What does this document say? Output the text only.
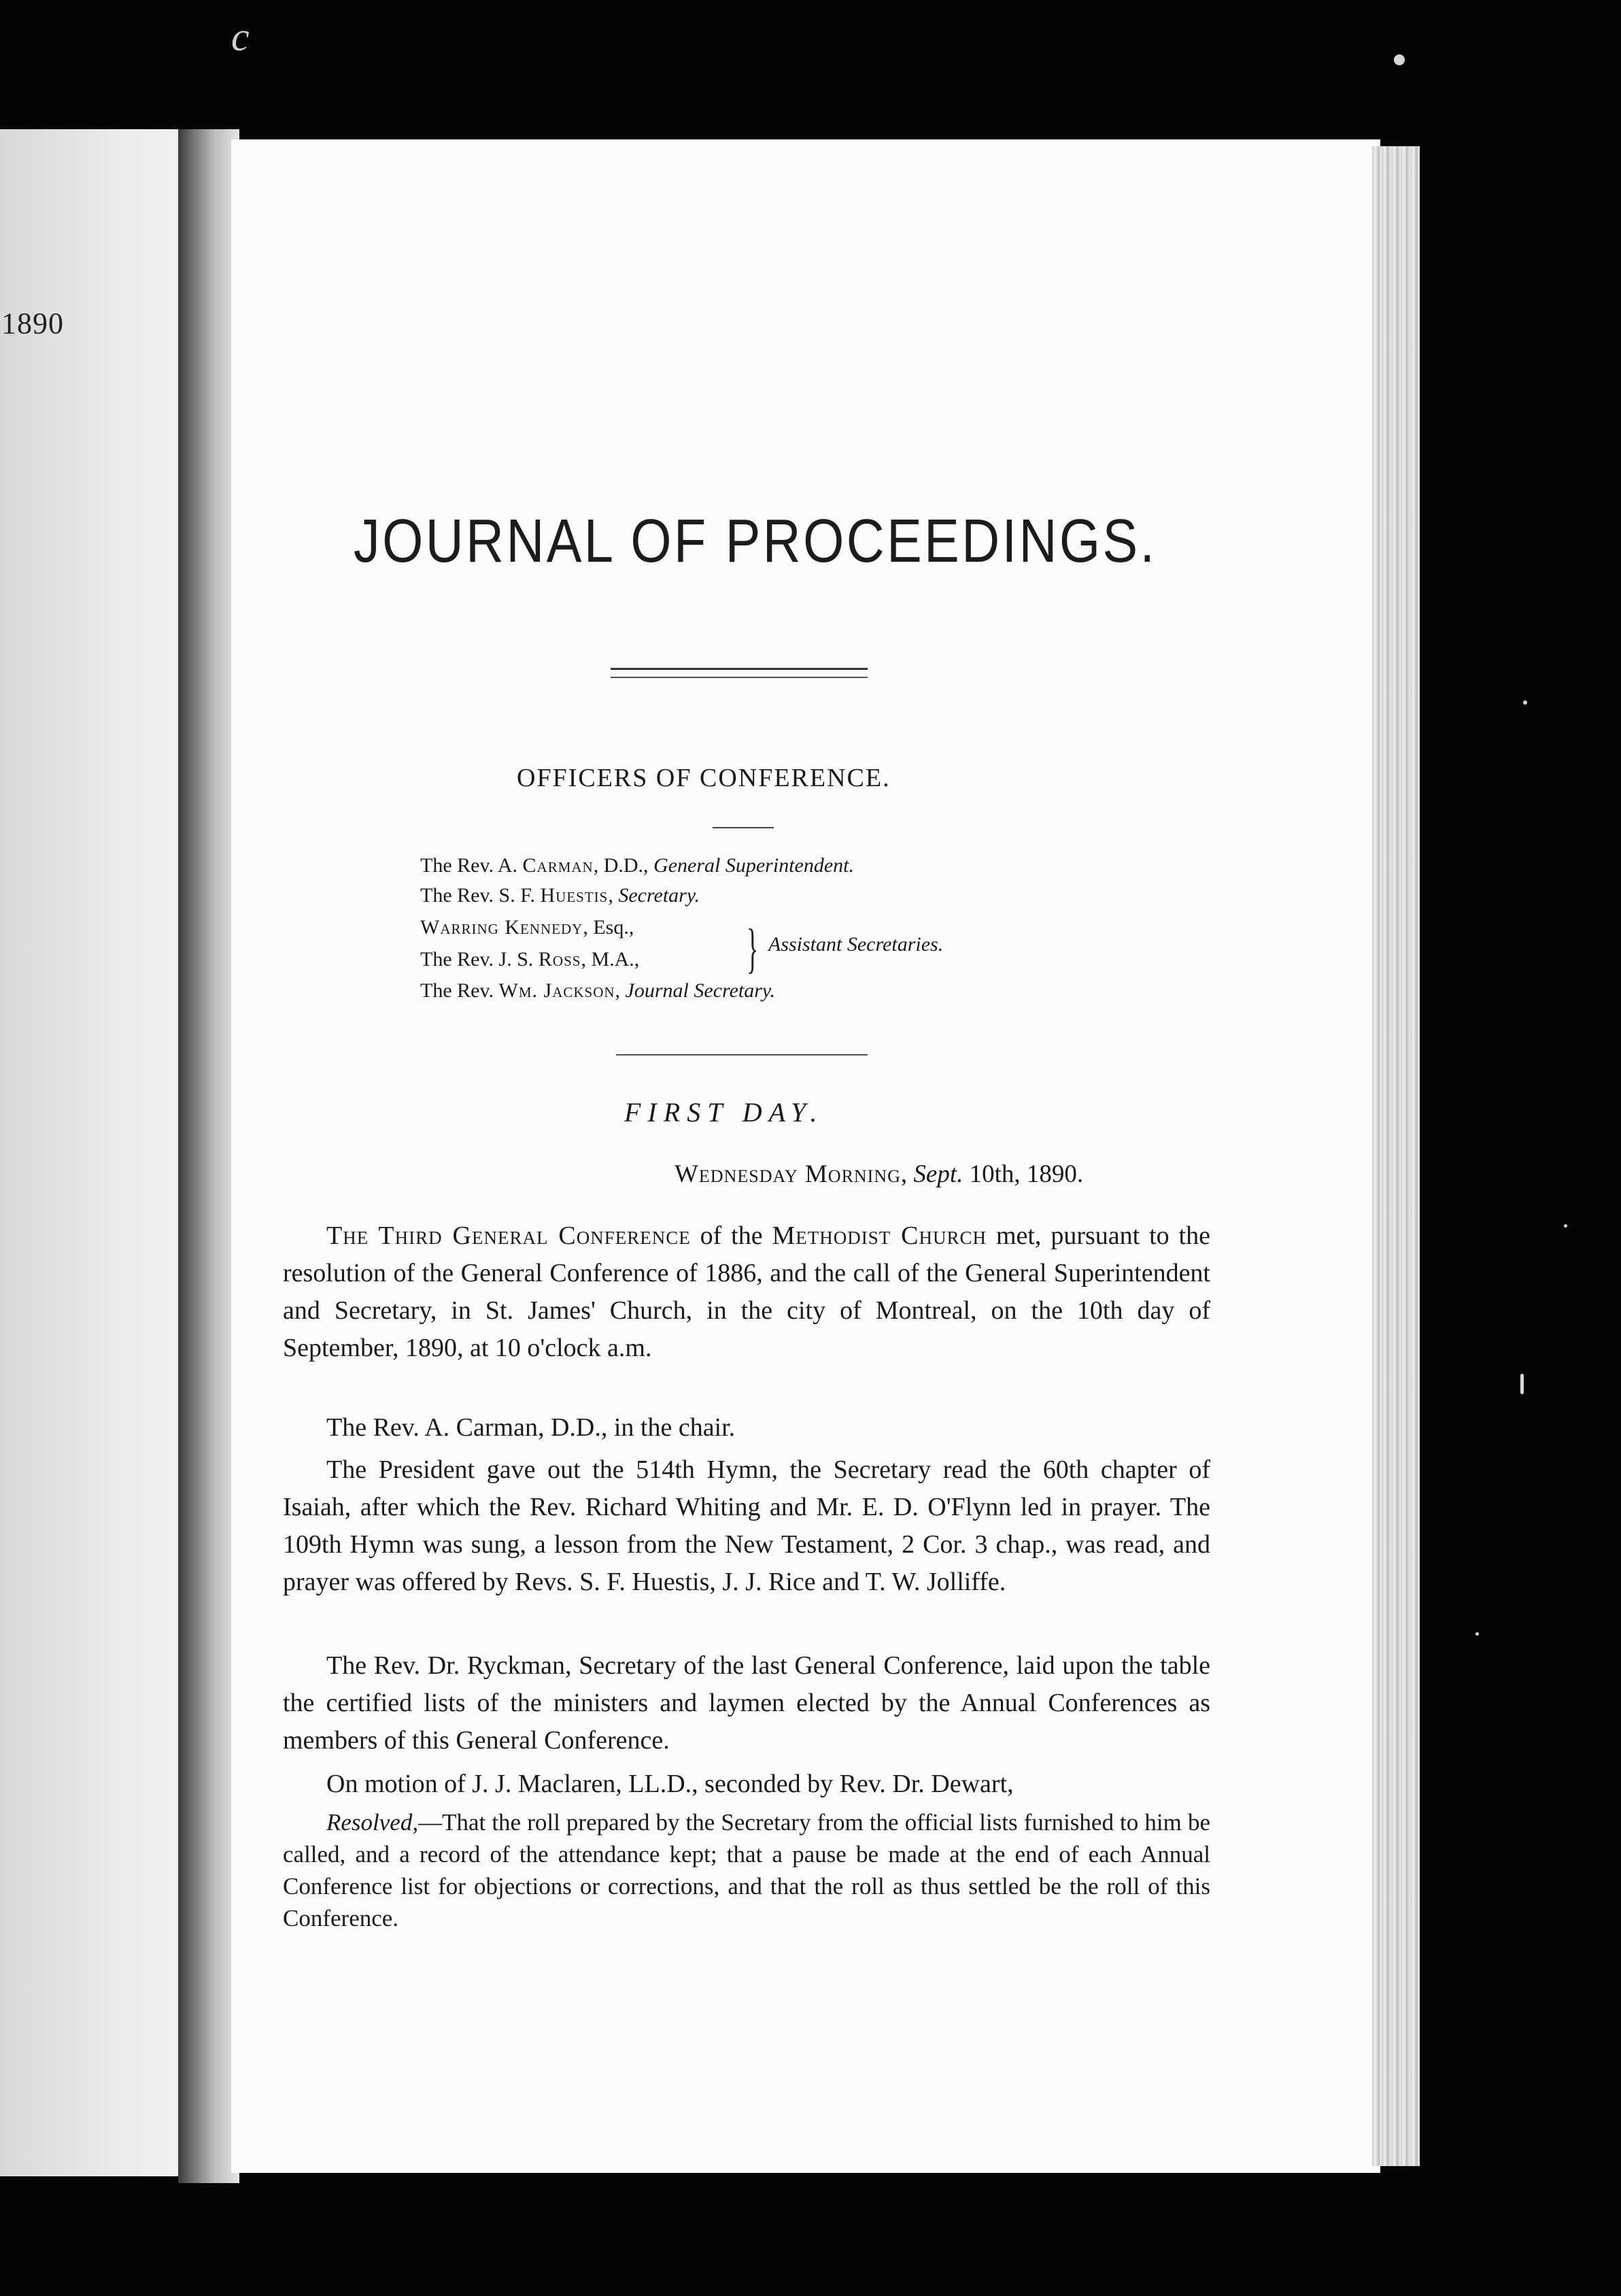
c
1890
JOURNAL OF PROCEEDINGS.
OFFICERS OF CONFERENCE.
The Rev. A. Carman, D.D., General Superintendent.
The Rev. S. F. Huestis, Secretary.
Warring Kennedy, Esq.,
The Rev. J. S. Ross, M.A., } Assistant Secretaries.
The Rev. Wm. Jackson, Journal Secretary.
FIRST DAY.
Wednesday Morning, Sept. 10th, 1890.
The Third General Conference of the Methodist Church met, pursuant to the resolution of the General Conference of 1886, and the call of the General Superintendent and Secretary, in St. James' Church, in the city of Montreal, on the 10th day of September, 1890, at 10 o'clock a.m.
The Rev. A. Carman, D.D., in the chair.
The President gave out the 514th Hymn, the Secretary read the 60th chapter of Isaiah, after which the Rev. Richard Whiting and Mr. E. D. O'Flynn led in prayer. The 109th Hymn was sung, a lesson from the New Testament, 2 Cor. 3 chap., was read, and prayer was offered by Revs. S. F. Huestis, J. J. Rice and T. W. Jolliffe.
The Rev. Dr. Ryckman, Secretary of the last General Conference, laid upon the table the certified lists of the ministers and laymen elected by the Annual Conferences as members of this General Conference.
On motion of J. J. Maclaren, LL.D., seconded by Rev. Dr. Dewart,
Resolved,—That the roll prepared by the Secretary from the official lists furnished to him be called, and a record of the attendance kept; that a pause be made at the end of each Annual Conference list for objections or corrections, and that the roll as thus settled be the roll of this Conference.
